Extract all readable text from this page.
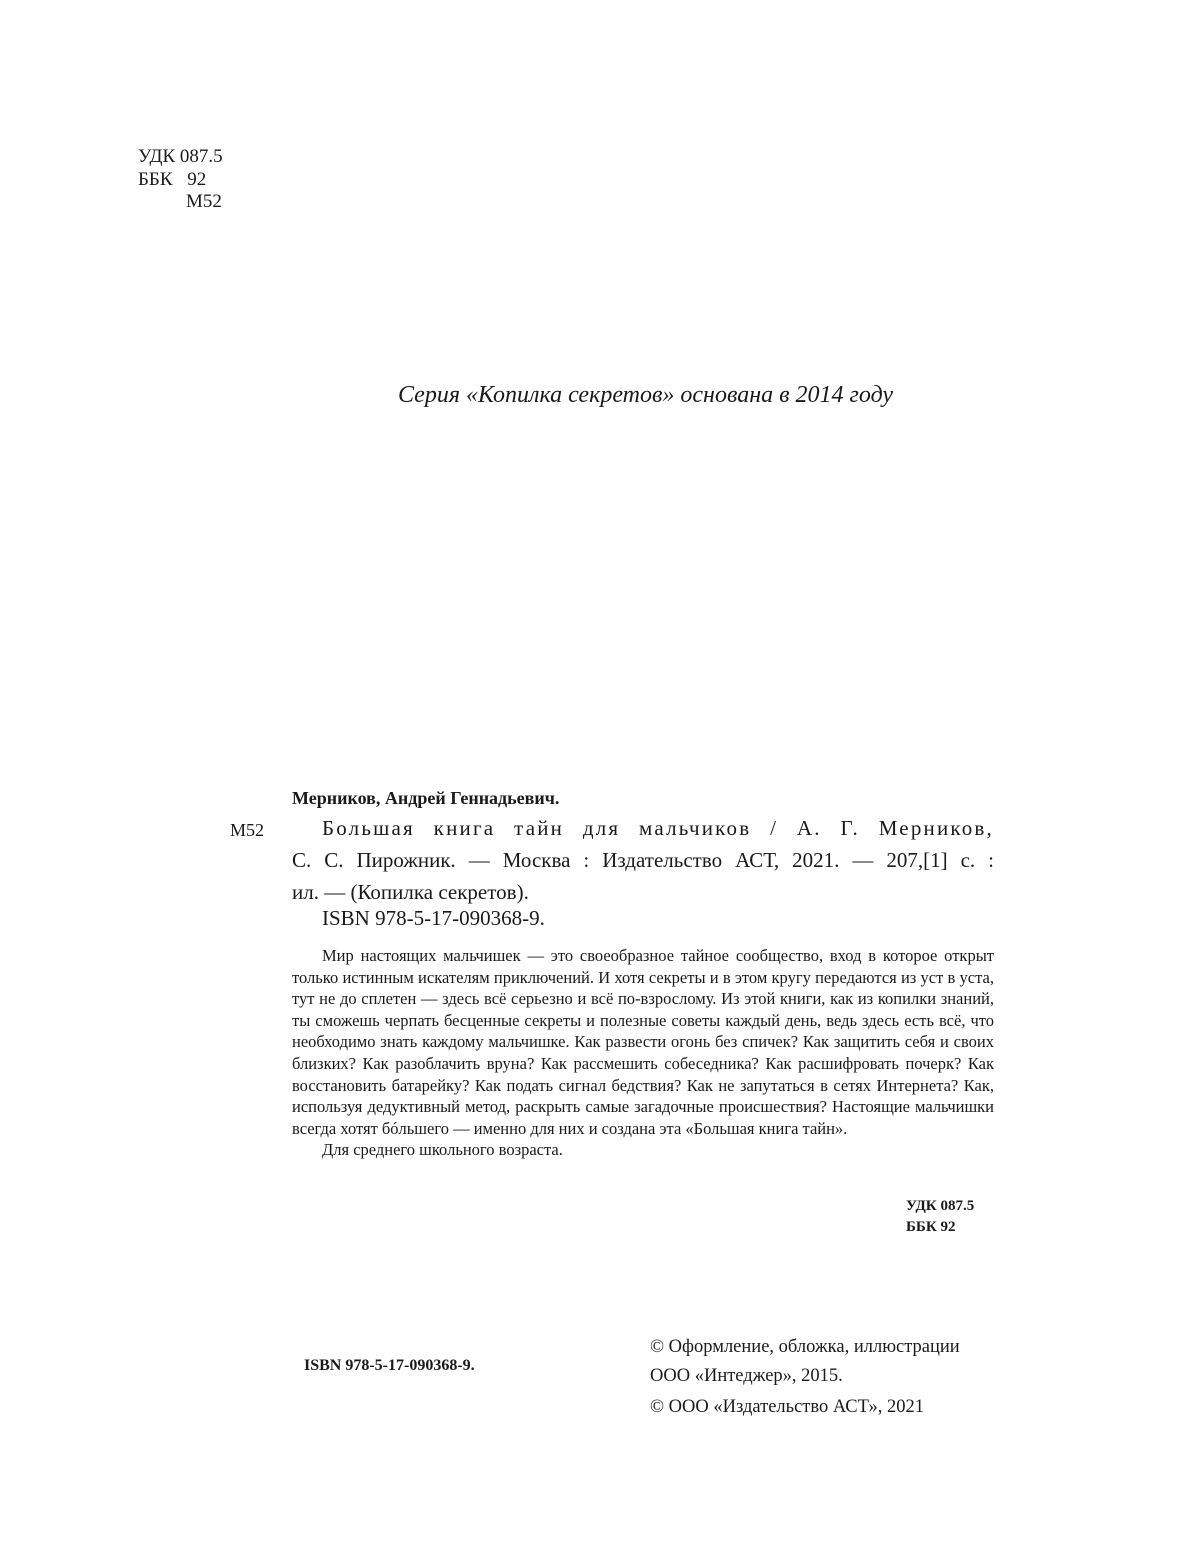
УДК 087.5
ББК 92
М52

Серия «Копилка секретов» основана в 2014 году

Мерников, Андрей Геннадьевич.

М52	Большая книга тайн для мальчиков / А. Г. Мерников,

С. С. Пирожник. — Москва : Издательство АСТ, 2021. — 207,[1] с. :

ил. — (Копилка секретов).

ISBN 978-5-17-090368-9.

Мир настоящих мальчишек — это своеобразное тайное сообщество, вход в которое открыт только истинным искателям приключений. И хотя секреты и в этом кругу передаются из уст в уста, тут не до сплетен — здесь всё серьезно и всё по-взрослому. Из этой книги, как из копилки знаний, ты сможешь черпать бесценные секреты и полезные советы каждый день, ведь здесь есть всё, что необходимо знать каждому мальчишке. Как развести огонь без спичек? Как защитить себя и своих близких? Как разоблачить вруна? Как рассмешить собеседника? Как расшифровать почерк? Как восстановить батарейку? Как подать сигнал бедствия? Как не запутаться в сетях Интернета? Как, используя дедуктивный метод, раскрыть самые загадочные происшествия? Настоящие мальчишки всегда хотят бóльшего — именно для них и создана эта «Большая книга тайн».

Для среднего школьного возраста.

УДК 087.5
ББК 92

© Оформление, обложка, иллюстрации

ООО «Интеджер», 2015.

© ООО «Издательство АСТ», 2021

ISBN 978-5-17-090368-9.
